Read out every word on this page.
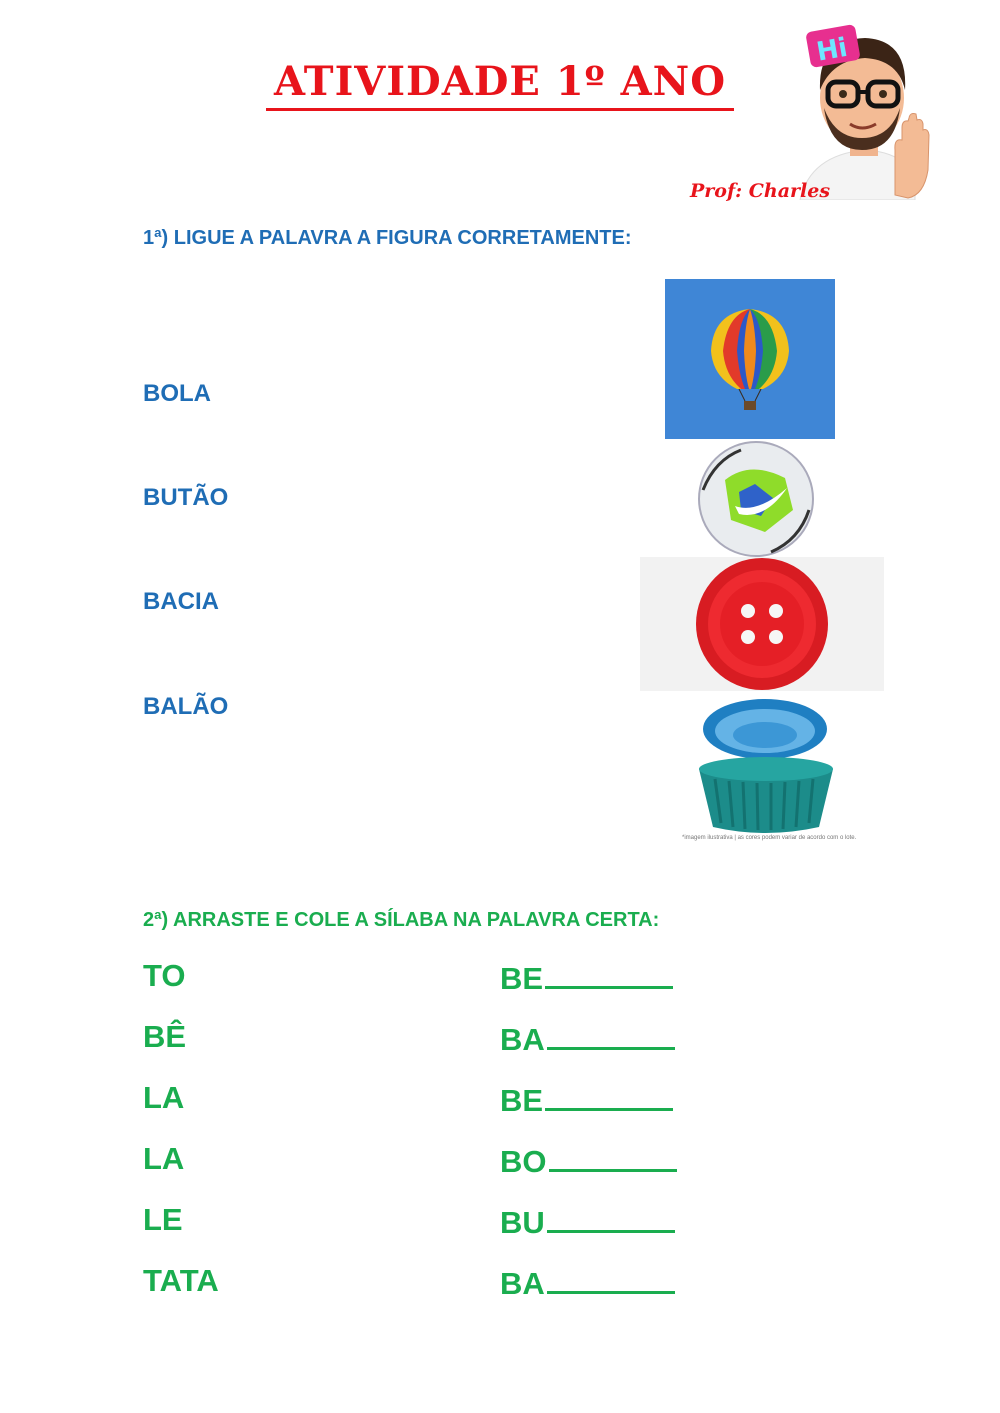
ATIVIDADE 1º ANO
Hi
Prof: Charles
1ª) LIGUE A PALAVRA A FIGURA CORRETAMENTE:
BOLA
BUTÃO
BACIA
BALÃO
*imagem ilustrativa | as cores podem variar de acordo com o lote.
2ª) ARRASTE E COLE A SÍLABA NA PALAVRA CERTA:
TO
BÊ
LA
LA
LE
TATA
BE
BA
BE
BO
BU
BA
